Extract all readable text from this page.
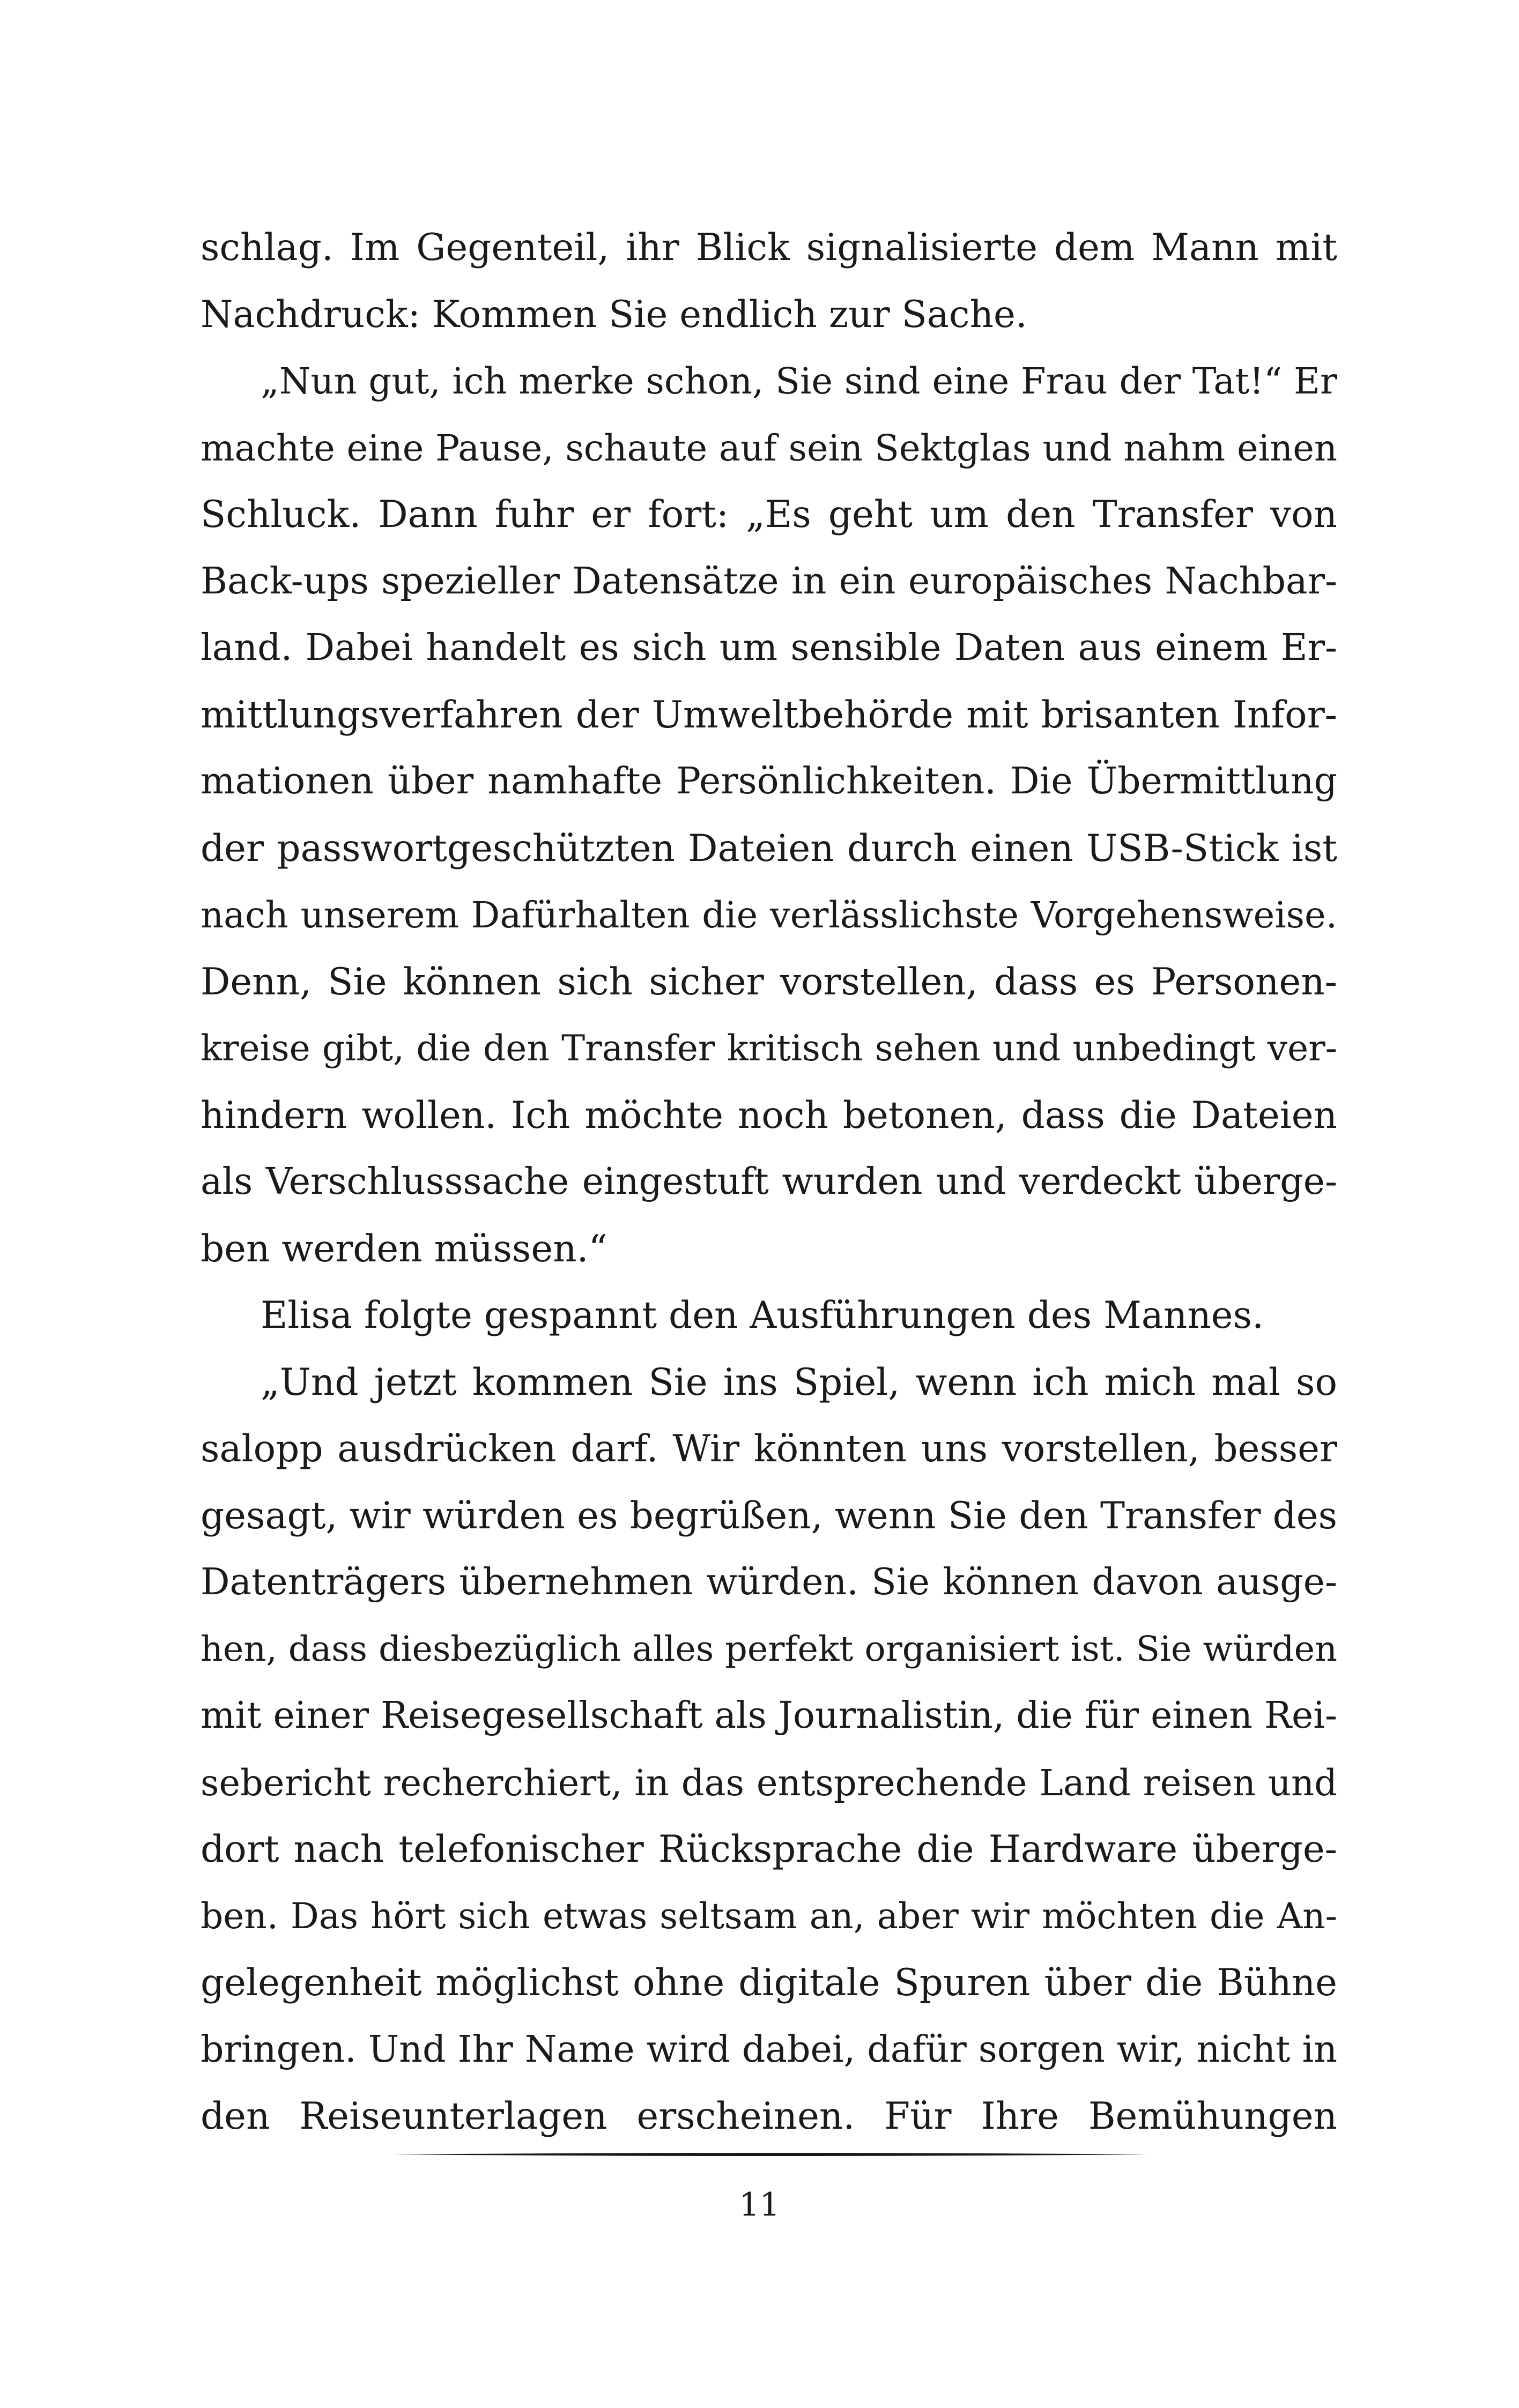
schlag. Im Gegenteil, ihr Blick signalisierte dem Mann mit
Nachdruck: Kommen Sie endlich zur Sache.
„Nun gut, ich merke schon, Sie sind eine Frau der Tat!“ Er
machte eine Pause, schaute auf sein Sektglas und nahm einen
Schluck. Dann fuhr er fort: „Es geht um den Transfer von
Back-ups spezieller Datensätze in ein europäisches Nachbar-
land. Dabei handelt es sich um sensible Daten aus einem Er-
mittlungsverfahren der Umweltbehörde mit brisanten Infor-
mationen über namhafte Persönlichkeiten. Die Übermittlung
der passwortgeschützten Dateien durch einen USB-Stick ist
nach unserem Dafürhalten die verlässlichste Vorgehensweise.
Denn, Sie können sich sicher vorstellen, dass es Personen-
kreise gibt, die den Transfer kritisch sehen und unbedingt ver-
hindern wollen. Ich möchte noch betonen, dass die Dateien
als Verschlusssache eingestuft wurden und verdeckt überge-
ben werden müssen.“
Elisa folgte gespannt den Ausführungen des Mannes.
„Und jetzt kommen Sie ins Spiel, wenn ich mich mal so
salopp ausdrücken darf. Wir könnten uns vorstellen, besser
gesagt, wir würden es begrüßen, wenn Sie den Transfer des
Datenträgers übernehmen würden. Sie können davon ausge-
hen, dass diesbezüglich alles perfekt organisiert ist. Sie würden
mit einer Reisegesellschaft als Journalistin, die für einen Rei-
sebericht recherchiert, in das entsprechende Land reisen und
dort nach telefonischer Rücksprache die Hardware überge-
ben. Das hört sich etwas seltsam an, aber wir möchten die An-
gelegenheit möglichst ohne digitale Spuren über die Bühne
bringen. Und Ihr Name wird dabei, dafür sorgen wir, nicht in
den Reiseunterlagen erscheinen. Für Ihre Bemühungen
11
